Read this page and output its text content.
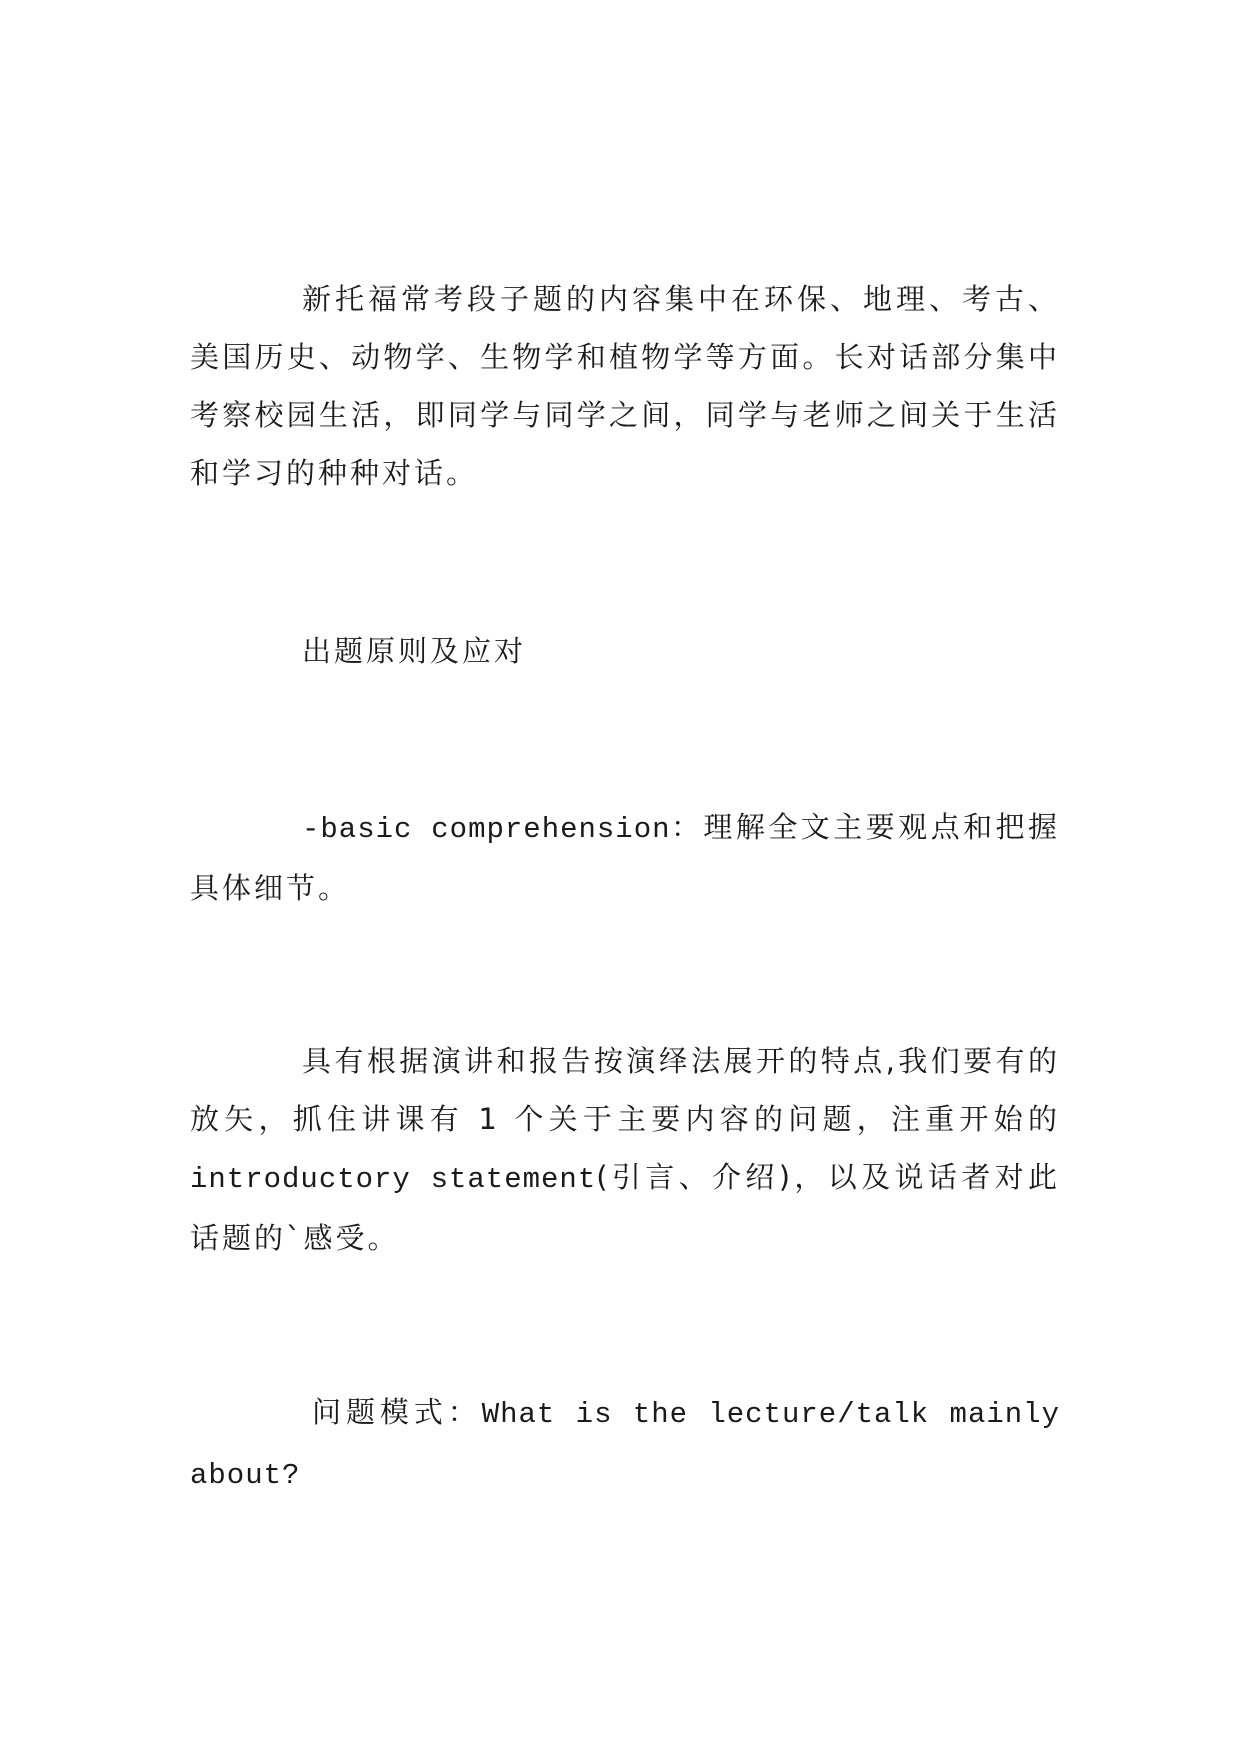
新托福常考段子题的内容集中在环保、地理、考古、美国历史、动物学、生物学和植物学等方面。长对话部分集中考察校园生活，即同学与同学之间，同学与老师之间关于生活和学习的种种对话。

出题原则及应对

-basic comprehension：理解全文主要观点和把握具体细节。

具有根据演讲和报告按演绎法展开的特点,我们要有的放矢，抓住讲课有 1 个关于主要内容的问题，注重开始的introductory statement(引言、介绍)，以及说话者对此话题的`感受。

问题模式：What is the lecture/talk mainly about?
